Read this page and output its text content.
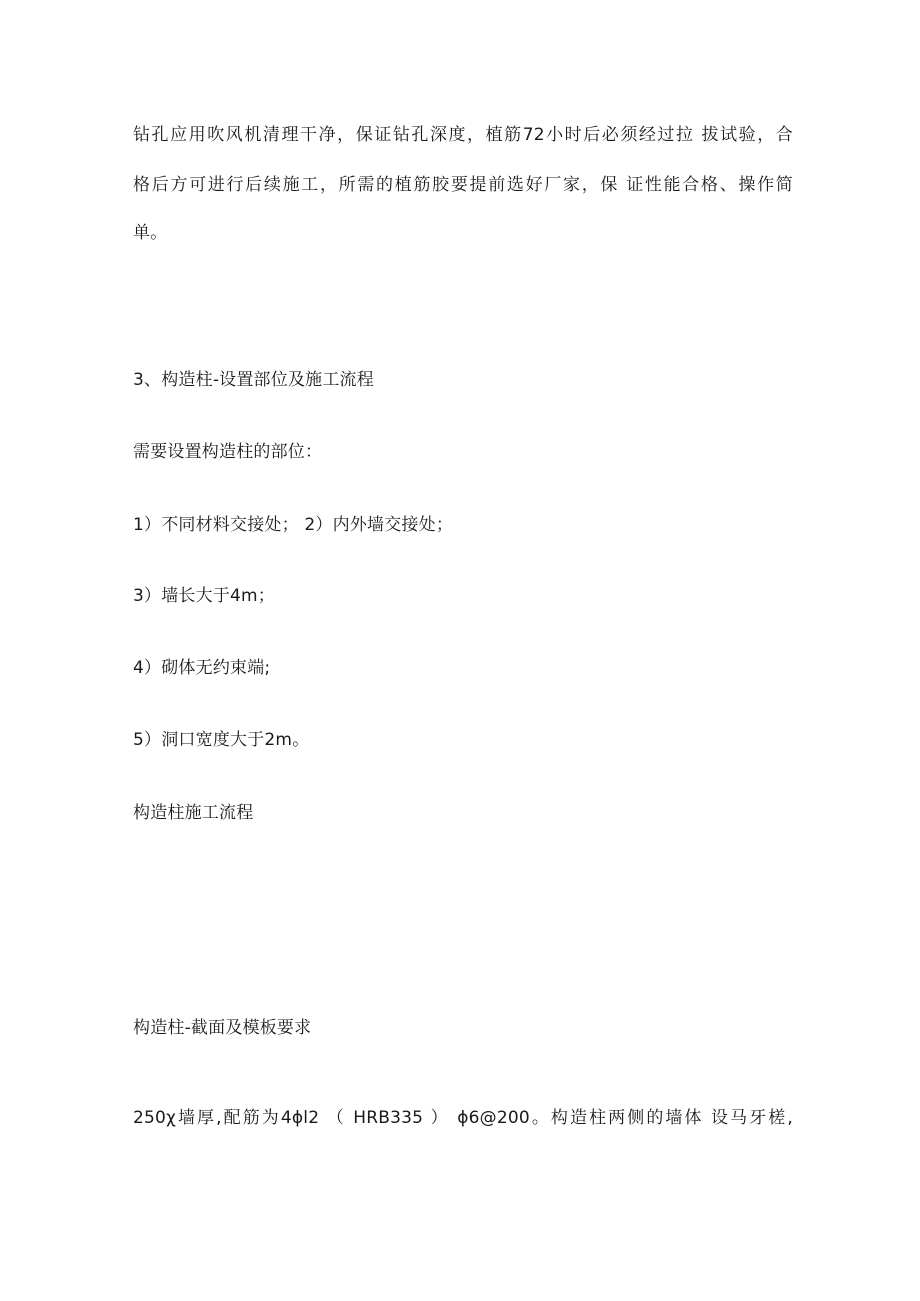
钻孔应用吹风机清理干净，保证钻孔深度，植筋72小时后必须经过拉 拔试验，合
格后方可进行后续施工，所需的植筋胶要提前选好厂家，保 证性能合格、操作简
单。
3、构造柱-设置部位及施工流程
需要设置构造柱的部位：
1）不同材料交接处； 2）内外墙交接处；
3）墙长大于4m；
4）砌体无约束端;
5）洞口宽度大于2m。
构造柱施工流程
构造柱-截面及模板要求
250χ墙厚,配筋为4ɸl2 （ HRB335 ） ɸ6@200。构造柱两侧的墙体 设马牙槎,
